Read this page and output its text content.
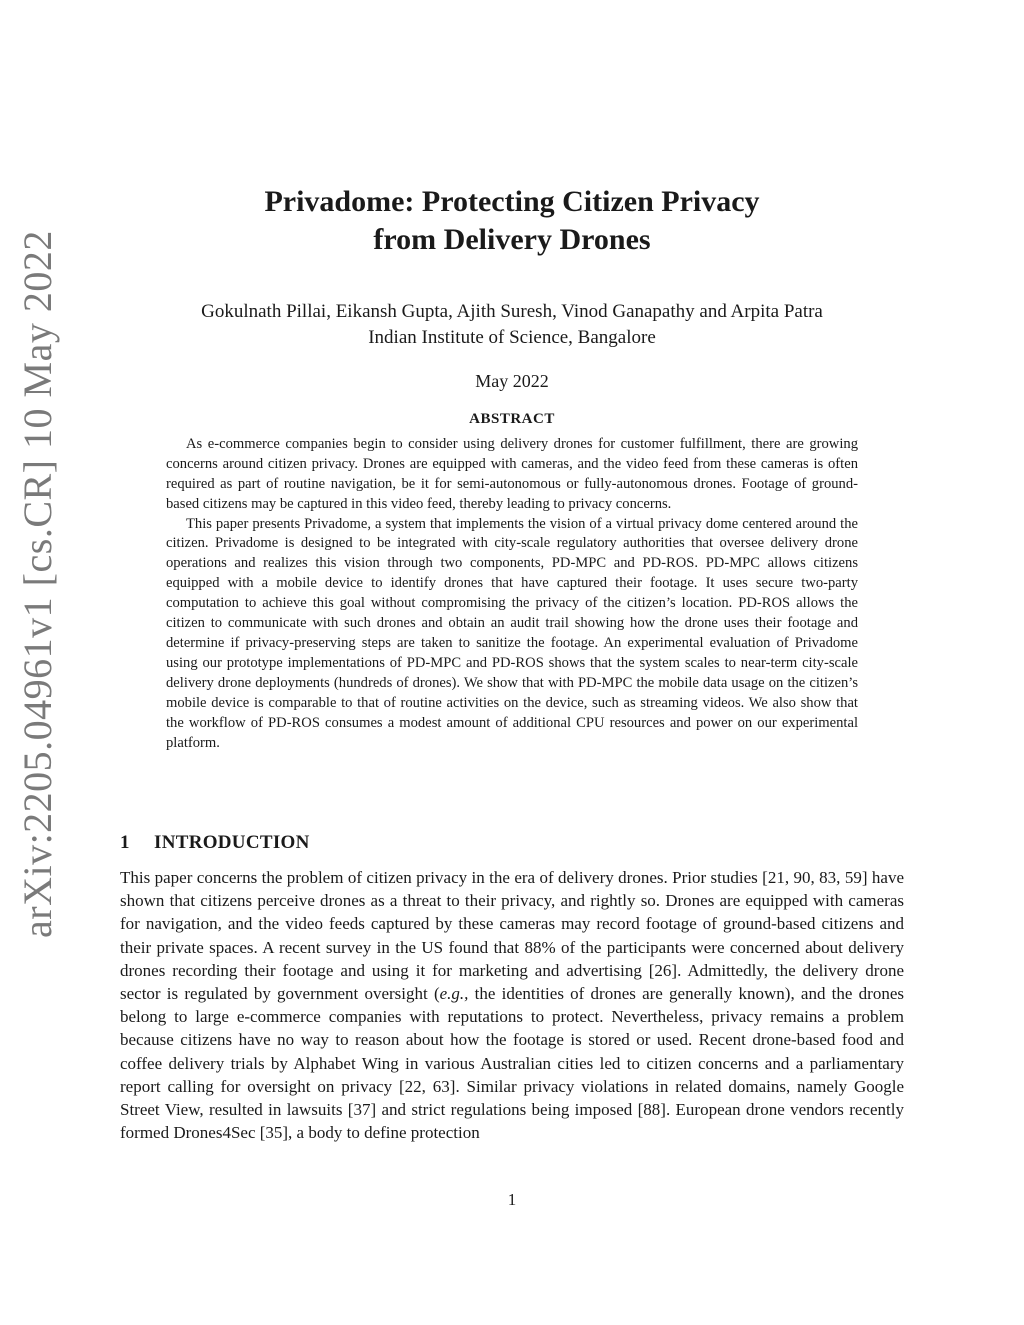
arXiv:2205.04961v1 [cs.CR] 10 May 2022
Privadome: Protecting Citizen Privacy
from Delivery Drones
Gokulnath Pillai, Eikansh Gupta, Ajith Suresh, Vinod Ganapathy and Arpita Patra
Indian Institute of Science, Bangalore
May 2022
ABSTRACT

As e-commerce companies begin to consider using delivery drones for customer fulfillment, there are growing concerns around citizen privacy. Drones are equipped with cameras, and the video feed from these cameras is often required as part of routine navigation, be it for semi-autonomous or fully-autonomous drones. Footage of ground-based citizens may be captured in this video feed, thereby leading to privacy concerns.

This paper presents Privadome, a system that implements the vision of a virtual privacy dome centered around the citizen. Privadome is designed to be integrated with city-scale regulatory authorities that oversee delivery drone operations and realizes this vision through two components, PD-MPC and PD-ROS. PD-MPC allows citizens equipped with a mobile device to identify drones that have captured their footage. It uses secure two-party computation to achieve this goal without compromising the privacy of the citizen’s location. PD-ROS allows the citizen to communicate with such drones and obtain an audit trail showing how the drone uses their footage and determine if privacy-preserving steps are taken to sanitize the footage. An experimental evaluation of Privadome using our prototype implementations of PD-MPC and PD-ROS shows that the system scales to near-term city-scale delivery drone deployments (hundreds of drones). We show that with PD-MPC the mobile data usage on the citizen’s mobile device is comparable to that of routine activities on the device, such as streaming videos. We also show that the workflow of PD-ROS consumes a modest amount of additional CPU resources and power on our experimental platform.

1 INTRODUCTION

This paper concerns the problem of citizen privacy in the era of delivery drones. Prior studies [21, 90, 83, 59] have shown that citizens perceive drones as a threat to their privacy, and rightly so. Drones are equipped with cameras for navigation, and the video feeds captured by these cameras may record footage of ground-based citizens and their private spaces. A recent survey in the US found that 88% of the participants were concerned about delivery drones recording their footage and using it for marketing and advertising [26]. Admittedly, the delivery drone sector is regulated by government oversight (e.g., the identities of drones are generally known), and the drones belong to large e-commerce companies with reputations to protect. Nevertheless, privacy remains a problem because citizens have no way to reason about how the footage is stored or used. Recent drone-based food and coffee delivery trials by Alphabet Wing in various Australian cities led to citizen concerns and a parliamentary report calling for oversight on privacy [22, 63]. Similar privacy violations in related domains, namely Google Street View, resulted in lawsuits [37] and strict regulations being imposed [88]. European drone vendors recently formed Drones4Sec [35], a body to define protection

1
